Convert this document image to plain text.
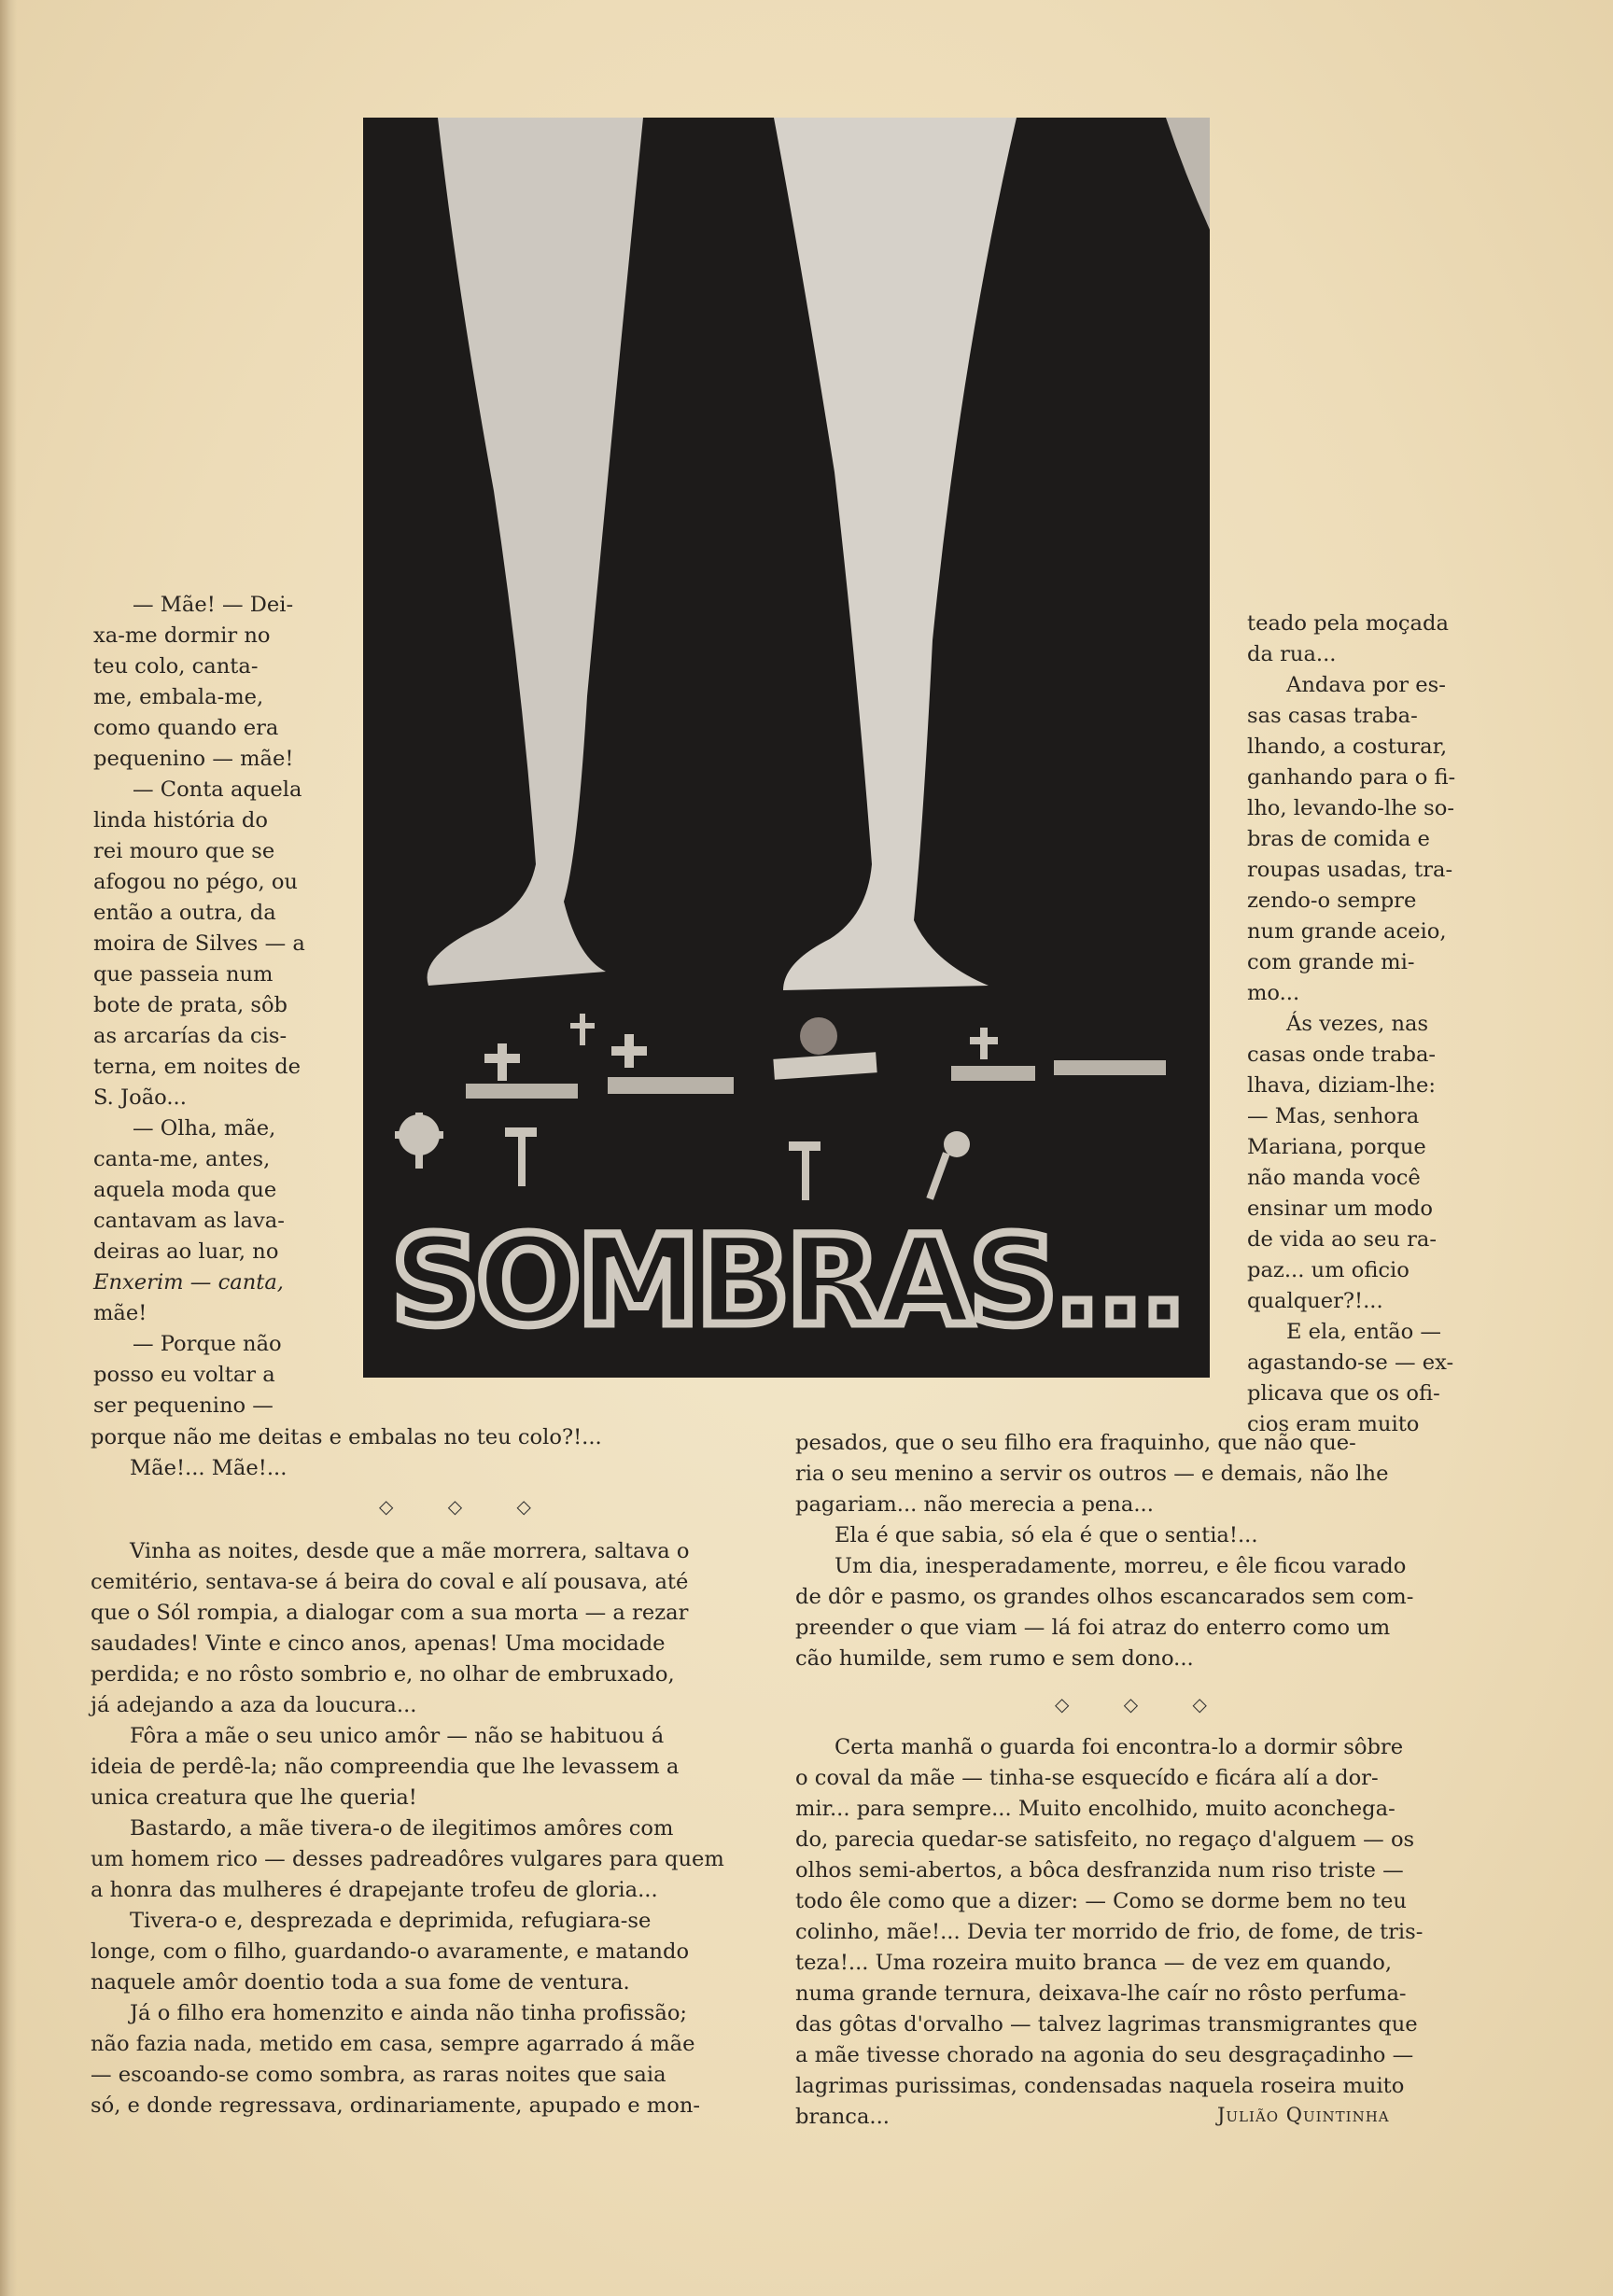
SOMBRAS...
— Mãe! — Dei-
xa-me dormir no
teu colo, canta-
me, embala-me,
como quando era
pequenino — mãe!
— Conta aquela
linda história do
rei mouro que se
afogou no pégo, ou
então a outra, da
moira de Silves — a
que passeia num
bote de prata, sôb
as arcarías da cis-
terna, em noites de
S. João...
— Olha, mãe,
canta-me, antes,
aquela moda que
cantavam as lava-
deiras ao luar, no
Enxerim — canta,
mãe!
— Porque não
posso eu voltar a
ser pequenino —
porque não me deitas e embalas no teu colo?!...
Mãe!... Mãe!...
teado pela moçada
da rua...
Andava por es-
sas casas traba-
lhando, a costurar,
ganhando para o fi-
lho, levando-lhe so-
bras de comida e
roupas usadas, tra-
zendo-o sempre
num grande aceio,
com grande mi-
mo...
Ás vezes, nas
casas onde traba-
lhava, diziam-lhe:
— Mas, senhora
Mariana, porque
não manda você
ensinar um modo
de vida ao seu ra-
paz... um oficio
qualquer?!...
E ela, então —
agastando-se — ex-
plicava que os ofi-
cios eram muito
◇ ◇ ◇
Vinha as noites, desde que a mãe morrera, saltava o
cemitério, sentava-se á beira do coval e alí pousava, até
que o Sól rompia, a dialogar com a sua morta — a rezar
saudades! Vinte e cinco anos, apenas! Uma mocidade
perdida; e no rôsto sombrio e, no olhar de embruxado,
já adejando a aza da loucura...
Fôra a mãe o seu unico amôr — não se habituou á
ideia de perdê-la; não compreendia que lhe levassem a
unica creatura que lhe queria!
Bastardo, a mãe tivera-o de ilegitimos amôres com
um homem rico — desses padreadôres vulgares para quem
a honra das mulheres é drapejante trofeu de gloria...
Tivera-o e, desprezada e deprimida, refugiara-se
longe, com o filho, guardando-o avaramente, e matando
naquele amôr doentio toda a sua fome de ventura.
Já o filho era homenzito e ainda não tinha profissão;
não fazia nada, metido em casa, sempre agarrado á mãe
— escoando-se como sombra, as raras noites que saia
só, e donde regressava, ordinariamente, apupado e mon-
pesados, que o seu filho era fraquinho, que não que-
ria o seu menino a servir os outros — e demais, não lhe
pagariam... não merecia a pena...
Ela é que sabia, só ela é que o sentia!...
Um dia, inesperadamente, morreu, e êle ficou varado
de dôr e pasmo, os grandes olhos escancarados sem com-
preender o que viam — lá foi atraz do enterro como um
cão humilde, sem rumo e sem dono...
◇ ◇ ◇
Certa manhã o guarda foi encontra-lo a dormir sôbre
o coval da mãe — tinha-se esquecído e ficára alí a dor-
mir... para sempre... Muito encolhido, muito aconchega-
do, parecia quedar-se satisfeito, no regaço d'alguem — os
olhos semi-abertos, a bôca desfranzida num riso triste —
todo êle como que a dizer: — Como se dorme bem no teu
colinho, mãe!... Devia ter morrido de frio, de fome, de tris-
teza!... Uma rozeira muito branca — de vez em quando,
numa grande ternura, deixava-lhe caír no rôsto perfuma-
das gôtas d'orvalho — talvez lagrimas transmigrantes que
a mãe tivesse chorado na agonia do seu desgraçadinho —
lagrimas purissimas, condensadas naquela roseira muito
branca...	Julião Quintinha
